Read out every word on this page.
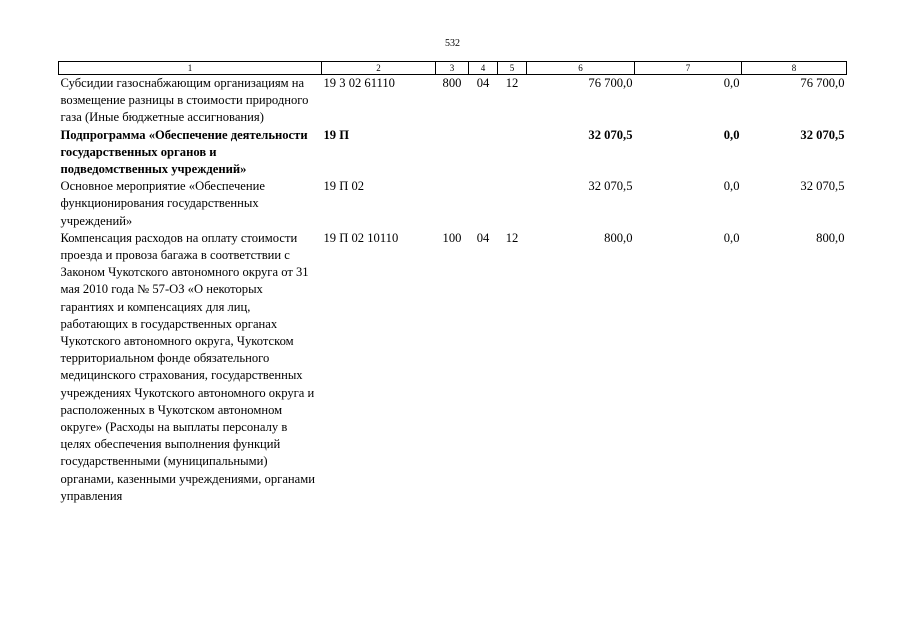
532
1	2	3	4	5	6	7	8
Субсидии газоснабжающим организациям на возмещение разницы в стоимости природного газа (Иные бюджетные ассигнования)	19 3 02 61110	800	04	12	76 700,0	0,0	76 700,0
Подпрограмма «Обеспечение деятельности государственных органов и подведомственных учреждений»	19 П				32 070,5	0,0	32 070,5
Основное мероприятие «Обеспечение функционирования государственных учреждений»	19 П 02				32 070,5	0,0	32 070,5
Компенсация расходов на оплату стоимости проезда и провоза багажа в соответствии с Законом Чукотского автономного округа от 31 мая 2010 года № 57-ОЗ «О некоторых гарантиях и компенсациях для лиц, работающих в государственных органах Чукотского автономного округа, Чукотском территориальном фонде обязательного медицинского страхования, государственных учреждениях Чукотского автономного округа и расположенных в Чукотском автономном округе» (Расходы на выплаты персоналу в целях обеспечения выполнения функций государственными (муниципальными) органами, казенными учреждениями, органами управления	19 П 02 10110	100	04	12	800,0	0,0	800,0
